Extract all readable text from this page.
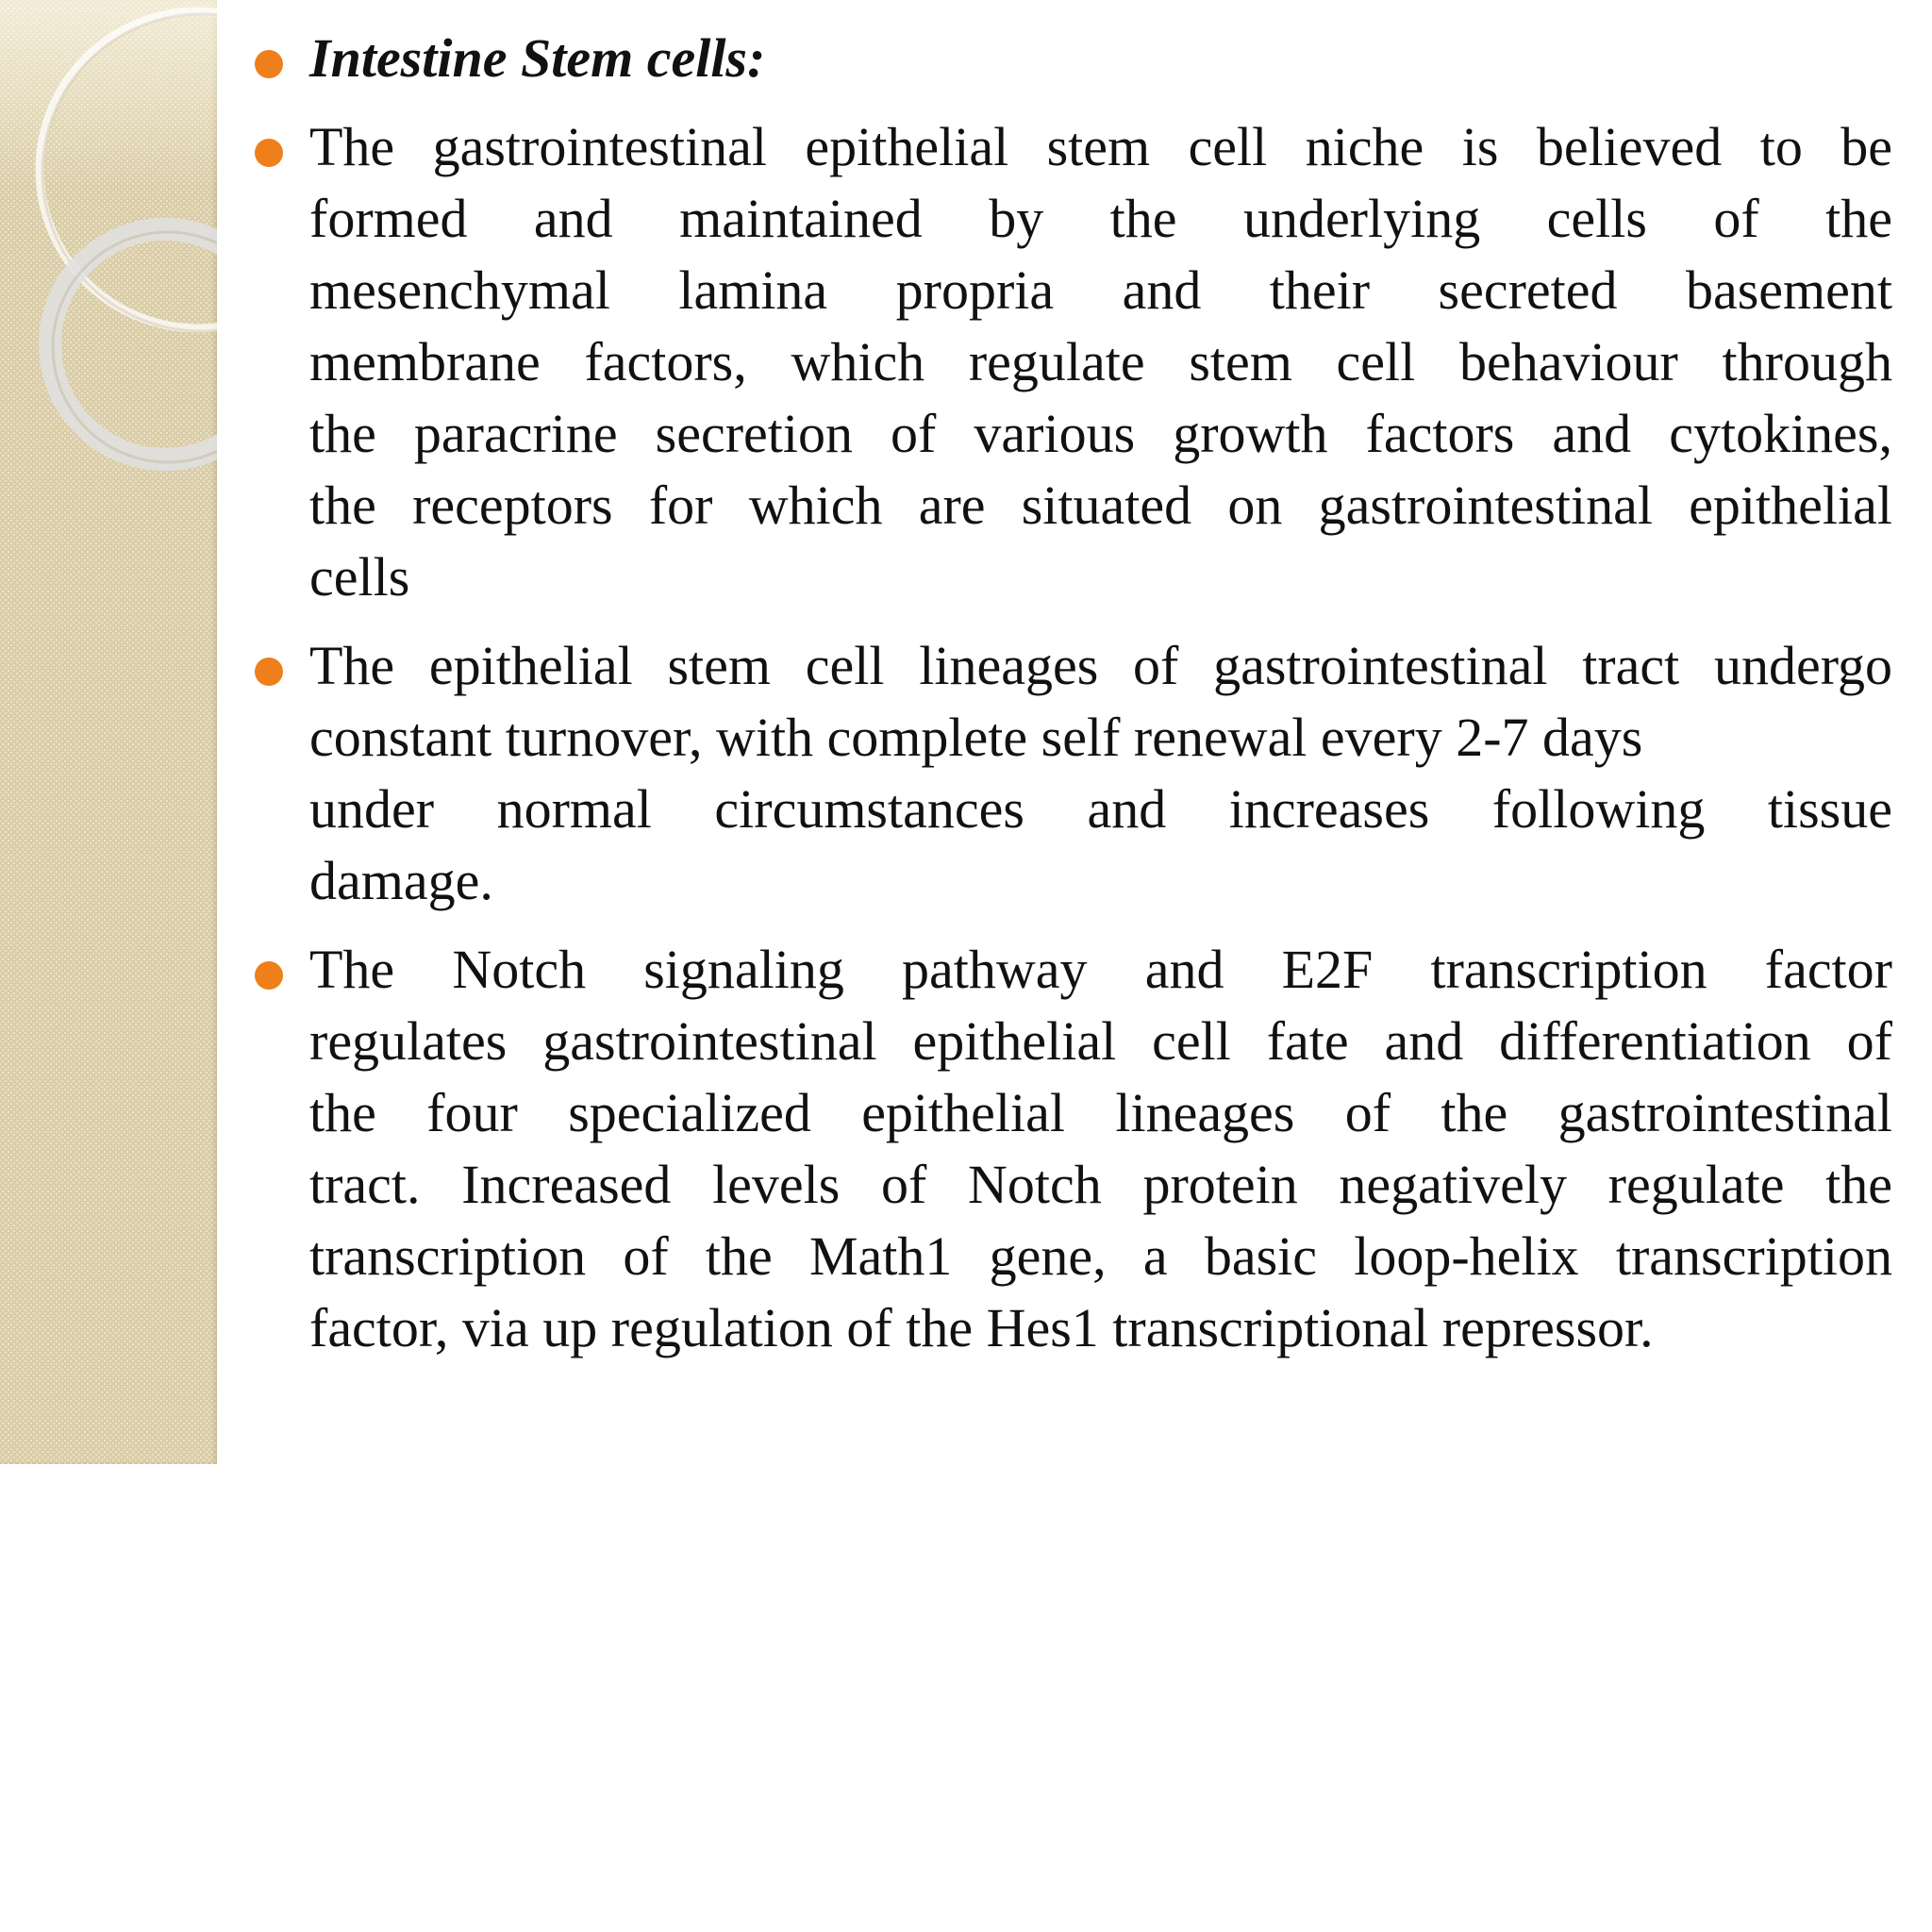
Intestine Stem cells:
The gastrointestinal epithelial stem cell niche is believed to be
formed and maintained by the underlying cells of the
mesenchymal lamina propria and their secreted basement
membrane factors, which regulate stem cell behaviour through
the paracrine secretion of various growth factors and cytokines,
the receptors for which are situated on gastrointestinal epithelial
cells
The epithelial stem cell lineages of gastrointestinal tract undergo
constant turnover, with complete self renewal every 2-7 days
under normal circumstances and increases following tissue
damage.
The Notch signaling pathway and E2F transcription factor
regulates gastrointestinal epithelial cell fate and differentiation of
the four specialized epithelial lineages of the gastrointestinal
tract. Increased levels of Notch protein negatively regulate the
transcription of the Math1 gene, a basic loop-helix transcription
factor, via up regulation of the Hes1 transcriptional repressor.
